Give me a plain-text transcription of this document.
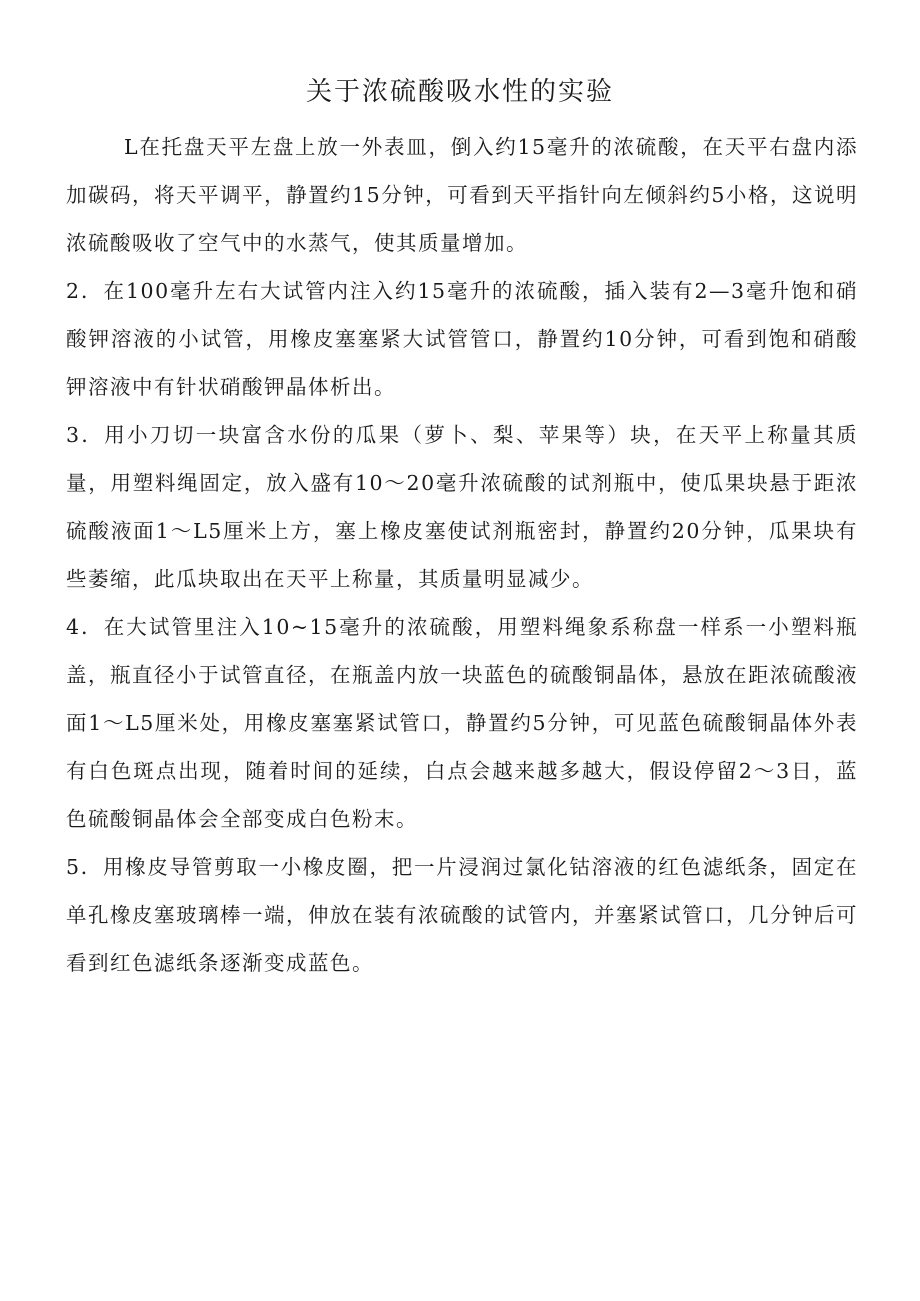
关于浓硫酸吸水性的实验

L在托盘天平左盘上放一外表皿，倒入约15毫升的浓硫酸，在天平右盘内添加碳码，将天平调平，静置约15分钟，可看到天平指针向左倾斜约5小格，这说明浓硫酸吸收了空气中的水蒸气，使其质量增加。

2．在100毫升左右大试管内注入约15毫升的浓硫酸，插入装有2—3毫升饱和硝酸钾溶液的小试管，用橡皮塞塞紧大试管管口，静置约10分钟，可看到饱和硝酸钾溶液中有针状硝酸钾晶体析出。

3．用小刀切一块富含水份的瓜果（萝卜、梨、苹果等）块，在天平上称量其质量，用塑料绳固定，放入盛有10～20毫升浓硫酸的试剂瓶中，使瓜果块悬于距浓硫酸液面1～L5厘米上方，塞上橡皮塞使试剂瓶密封，静置约20分钟，瓜果块有些萎缩，此瓜块取出在天平上称量，其质量明显减少。

4．在大试管里注入10~15毫升的浓硫酸，用塑料绳象系称盘一样系一小塑料瓶盖，瓶直径小于试管直径，在瓶盖内放一块蓝色的硫酸铜晶体，悬放在距浓硫酸液面1～L5厘米处，用橡皮塞塞紧试管口，静置约5分钟，可见蓝色硫酸铜晶体外表有白色斑点出现，随着时间的延续，白点会越来越多越大，假设停留2～3日，蓝色硫酸铜晶体会全部变成白色粉末。

5．用橡皮导管剪取一小橡皮圈，把一片浸润过氯化钴溶液的红色滤纸条，固定在单孔橡皮塞玻璃棒一端，伸放在装有浓硫酸的试管内，并塞紧试管口，几分钟后可看到红色滤纸条逐渐变成蓝色。
